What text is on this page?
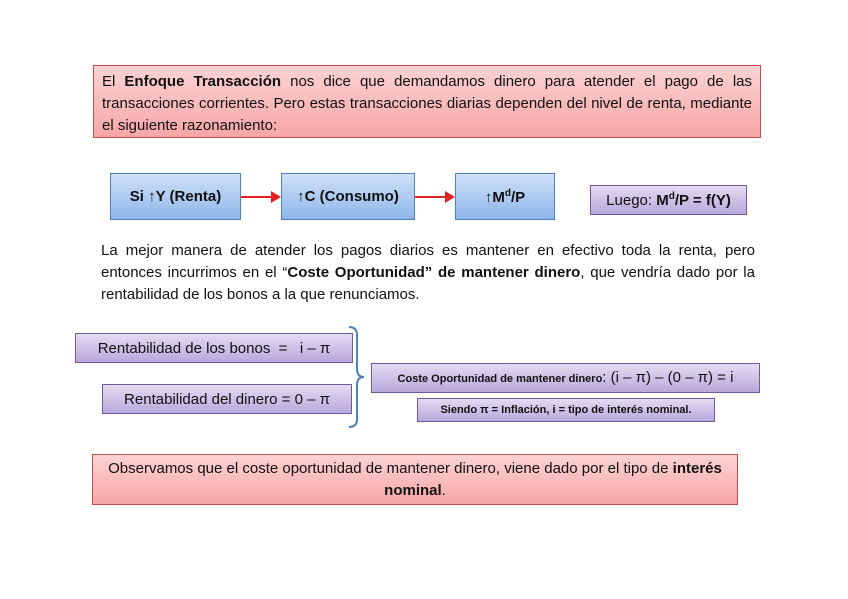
El Enfoque Transacción nos dice que demandamos dinero para atender el pago de las transacciones corrientes. Pero estas transacciones diarias dependen del nivel de renta, mediante el siguiente razonamiento:
Si ↑Y (Renta)	↑C (Consumo)	$↑M^d/P$	Luego: $M^d/P = f(Y)$
La mejor manera de atender los pagos diarios es mantener en efectivo toda la renta, pero entonces incurrimos en el “Coste Oportunidad” de mantener dinero, que vendría dado por la rentabilidad de los bonos a la que renunciamos.
Rentabilidad de los bonos  =   i – π
Rentabilidad del dinero = 0 – π
Coste Oportunidad de mantener dinero: (i – π) – (0 – π) = i
Siendo π = Inflación, i = tipo de interés nominal.
Observamos que el coste oportunidad de mantener dinero, viene dado por el tipo de interés nominal.
